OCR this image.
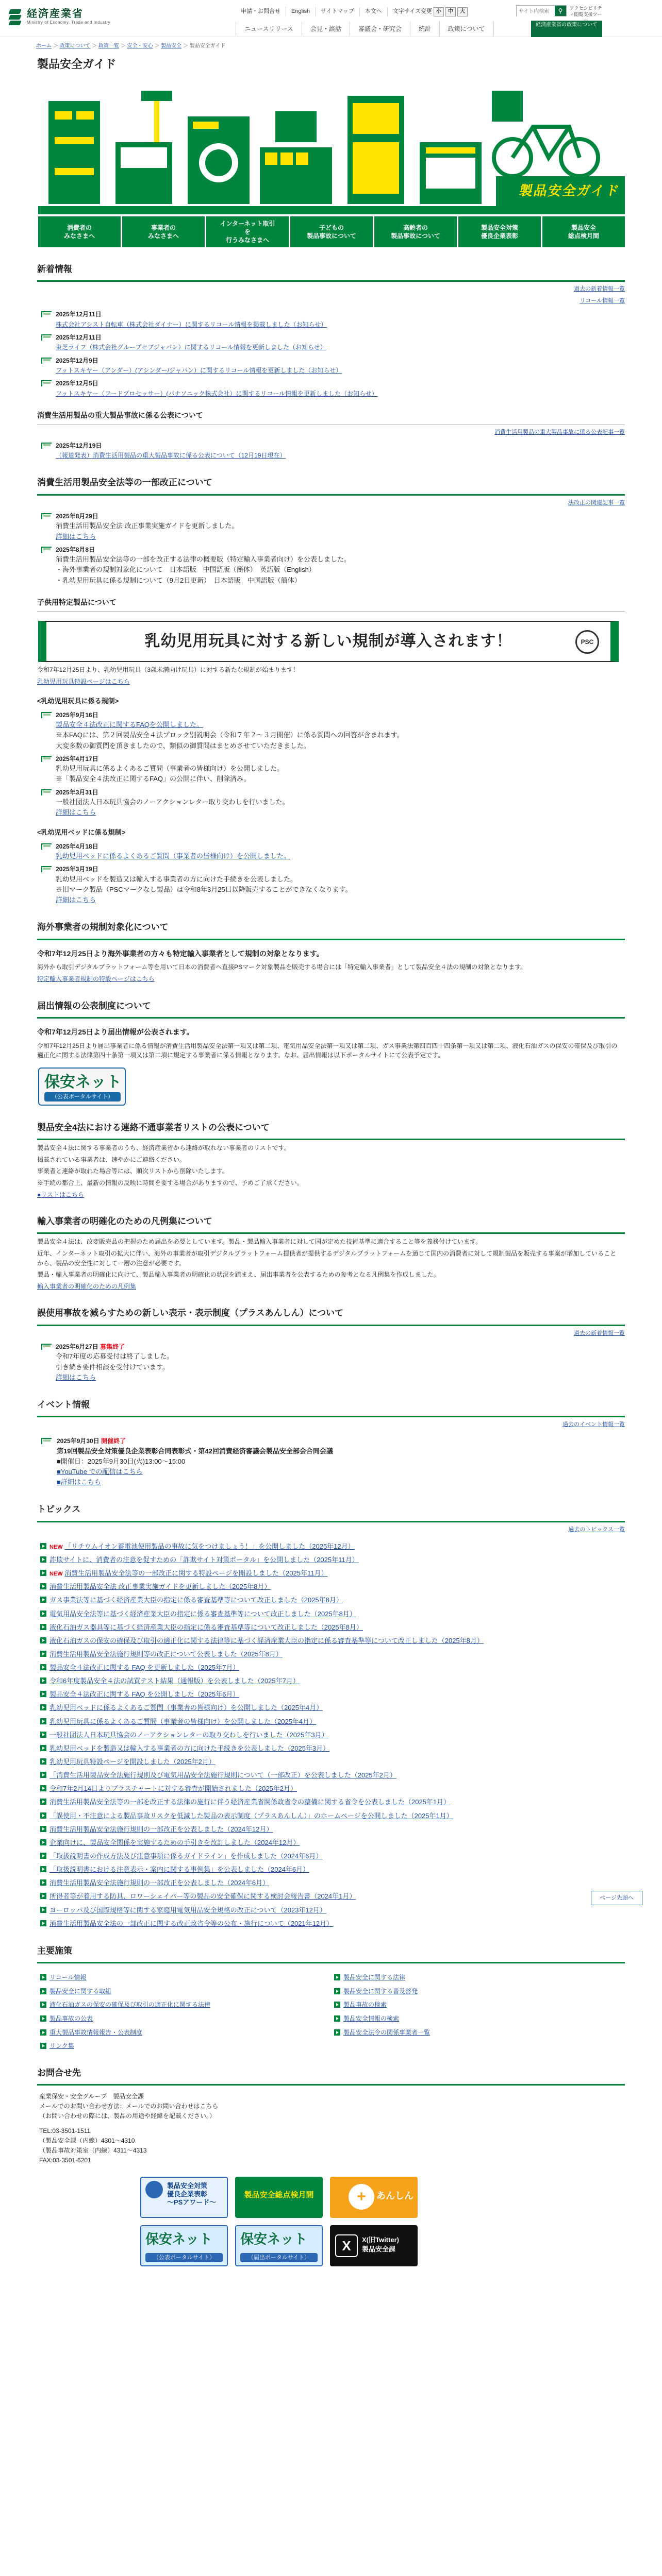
経済産業省
Ministry of Economy, Trade and Industry
申請・お問合せ	English	サイトマップ	本文へ	文字サイズ変更 小	中	大
サイト内検索	⚲	アクセシビリティ閲覧支援ツー
ニュースリリース	会見・談話	審議会・研究会	統計	政策について
経済産業省の政策について
ホーム ＞ 政策について ＞ 政策一覧 ＞ 安全・安心 ＞ 製品安全 ＞ 製品安全ガイド
製品安全ガイド
製品安全ガイド
消費者の
みなさまへ
事業者の
みなさまへ
インターネット取引
を
行うみなさまへ
子どもの
製品事故について
高齢者の
製品事故について
製品安全対策
優良企業表彰
製品安全
総点検月間
新着情報
過去の新着情報一覧
リコール情報一覧
2025年12月11日
株式会社アシスト自転車（株式会社ダイナー）に関するリコール情報を掲載しました（お知らせ）
2025年12月11日
東芝ライフ（株式会社グループセブジャパン）に関するリコール情報を更新しました（お知らせ）
2025年12月9日
フットスキヤー（アンダー）(アシンダー/ジャパン）に関するリコール情報を更新しました（お知らせ）
2025年12月5日
フットスキヤー（フードプロセッサー）(パナソニック株式会社）に関するリコール情報を更新しました（お知らせ）
消費生活用製品の重大製品事故に係る公表について
消費生活用製品の重大製品事故に係る公表記事一覧
2025年12月19日
（報道発表）消費生活用製品の重大製品事故に係る公表について（12月19日現在）
消費生活用製品安全法等の一部改正について
法改正の関連記事一覧
2025年8月29日
消費生活用製品安全法 改正事業実施ガイドを更新しました。
詳細はこちら
2025年8月8日
消費生活用製品安全法等の一部を改正する法律の概要版（特定輸入事業者向け）を公表しました。
・海外事業者の規制対象化について　日本語版　中国語版（簡体）　英語版（English）
・乳幼児用玩具に係る規制について（9月2日更新）　日本語版　中国語版（簡体）
子供用特定製品について
乳幼児用玩具に対する新しい規制が導入されます！	PSC

令和7年12月25日より、乳幼児用玩具（3歳未満向け玩具）に対する新たな規制が始まります！

乳幼児用玩具特設ページはこちら

<乳幼児用玩具に係る規制>
2025年9月16日
製品安全４法改正に関するFAQを公開しました。
※本FAQには、第２回製品安全４法プロック別説明会（令和７年２～３月開催）に係る質問への回答が含まれます。
大変多数の御質問を頂きましたので、類似の御質問はまとめさせていただきました。
2025年4月17日
乳幼児用玩具に係るよくあるご質問（事業者の皆様向け）を公開しました。
※「製品安全４法改正に関するFAQ」の公開に伴い、削除済み。
2025年3月31日
一般社団法人日本玩具協会のノーアクションレター取り交わしを行いました。
詳細はこちら
<乳幼児用ベッドに係る規制>
2025年4月18日
乳幼児用ベッドに係るよくあるご質問（事業者の皆様向け）を公開しました。
2025年3月19日
乳幼児用ベッドを製造又は輸入する事業者の方に向けた手続きを公表しました。
※旧マーク製品（PSCマークなし製品）は令和8年3月25日以降販売することができなくなります。
詳細はこちら
海外事業者の規制対象化について
令和7年12月25日より海外事業者の方々も特定輸入事業者として規制の対象となります。

海外から取引デジタルプラットフォーム等を用いて日本の消費者へ直接PSマーク対象製品を販売する場合には「特定輸入事業者」として製品安全４法の規制の対象となります。

特定輸入事業者規制の特設ページはこちら

届出情報の公表制度について
令和7年12月25日より届出情報が公表されます。

令和7年12月25日より届出事業者に係る情報が消費生活用製品安全法第一項又は第二項、電気用品安全法第一項又は第二項、ガス事業法第四百四十四条第一項又は第二項、液化石油ガスの保安の確保及び取引の適正化に関する法律第四十条第一項又は第二項に規定する事業者に係る情報となります。なお、届出情報は以下ポータルサイトにて公表予定です。

保安ネット
（公表ポータルサイト）
製品安全4法における連絡不通事業者リストの公表について

製品安全４法に関する事業者のうち、経済産業省から連絡が取れない事業者のリストです。

掲載されている事業者は、速やかにご連絡ください。

事業者と連絡が取れた場合等には、順次リストから削除いたします。

※手続の都合上、最新の情報の反映に時間を要する場合がありますので、予めご了承ください。

●リストはこちら

輸入事業者の明確化のための凡例集について

製品安全４法は、改変販売品の把握のため届出を必要としています。製品・製品輸入事業者に対して国が定めた技術基準に適合すること等を義務付けています。

近年、インターネット取引の拡大に伴い、海外の事業者が取引デジタルプラットフォーム提供者が提供するデジタルプラットフォームを通じて国内の消費者に対して規制製品を販売する事案が増加していることから、製品の安全性に対して一層の注意が必要です。

製品・輸入事業者の明確化に向けて、製品輸入事業者の明確化の状況を踏まえ、届出事業者を公表するための参考となる凡例集を作成しました。

輸入事業者の明確化のための凡例集

誤使用事故を減らすための新しい表示・表示制度（プラスあんしん）について
過去の新着情報一覧
2025年6月27日 募集終了
令和7年度の応募受付は終了しました。
引き続き要件相談を受付けています。
詳細はこちら
イベント情報
過去のイベント情報一覧
2025年9月30日 開催終了
第19回製品安全対策優良企業表彰合同表彰式・第42回消費経済審議会製品安全部会合同会議
■開催日：2025年9月30日(火)13:00～15:00
■YouTube での配信はこちら
■詳細はこちら
トピックス
過去のトピックス一覧
NEW 「リチウムイオン蓄電池使用製品の事故に気をつけましょう！」を公開しました（2025年12月）
詐欺サイトに、消費者の注意を促すための「詐欺サイト対策ポータル」を公開しました（2025年11月）
NEW 消費生活用製品安全法等の一部改正に関する特設ページを開設しました（2025年11月）
消費生活用製品安全法 改正事業実施ガイドを更新しました（2025年8月）
ガス事業法等に基づく経済産業大臣の指定に係る審査基準等について改正しました（2025年8月）
電気用品安全法等に基づく経済産業大臣の指定に係る審査基準等について改正しました（2025年8月）
液化石油ガス器具等に基づく経済産業大臣の指定に係る審査基準等について改正しました（2025年8月）
液化石油ガスの保安の確保及び取引の適正化に関する法律等に基づく経済産業大臣の指定に係る審査基準等について改正しました（2025年8月）
消費生活用製品安全法施行規則等の改正について公表しました（2025年8月）
製品安全４法改正に関する FAQ を更新しました（2025年7月）
令和6年度製品安全４法の試買テスト結果（通報版）を公表しました（2025年7月）
製品安全４法改正に関する FAQ を公開しました（2025年6月）
乳幼児用ベッドに係るよくあるご質問（事業者の皆様向け）を公開しました（2025年4月）
乳幼児用玩具に係るよくあるご質問（事業者の皆様向け）を公開しました（2025年4月）
一般社団法人日本玩具協会のノーアクションレターの取り交わしを行いました（2025年3月）
乳幼児用ベッドを製造又は輸入する事業者の方に向けた手続きを公表しました（2025年3月）
乳幼児用玩具特設ページを開設しました（2025年2月）
「消費生活用製品安全法施行規則及び電気用品安全法施行規則について（一部改正）を公表しました（2025年2月）
令和7年2月14日よりブラスチャートに対する審査が開始されました（2025年2月）
消費生活用製品安全法等の一部を改正する法律の施行に伴う経済産業省関係政省令の整備に関する省令を公表しました（2025年1月）
「誤使用・不注意による製品事故リスクを低減した製品の表示制度（プラスあんしん）」のホームページを公開しました（2025年1月）
消費生活用製品安全法施行規則の一部改正を公表しました（2024年12月）
企業向けに、製品安全関係を実施するための手引きを改訂しました（2024年12月）
「取扱説明書の作成方法及び注意事項に係るガイドライン」を作成しました（2024年6月）
「取扱説明書における注意表示・案内に関する事例集」を公表しました（2024年6月）
消費生活用製品安全法施行規則の一部改正を公表しました（2024年6月）
所得者等が着用する防具、ロワーシェイバー等の製品の安全確保に関する検討会報告書（2024年1月）
ヨーロッパ及び国際規格等に関する家庭用電気用品安全規格の改正について（2023年12月）
消費生活用製品安全法の一部改正に関する改正政省令等の公布・施行について（2021年12月）
主要施策
リコール情報	製品安全に関する法律
製品安全に関する取組	製品安全に関する普及啓発
液化石油ガスの保安の確保及び取引の適正化に関する法律	製品事故の検索
製品事故の公表	製品安全情報の検索
重大製品事故情報報告・公表制度	製品安全法令の関係事業者一覧
リンク集
お問合せ先
産業保安・安全グループ　製品安全課
メールでのお問い合わせ方法：メールでのお問い合わせはこちら
（お問い合わせの際には、製品の用途や経緯を記載ください。）
TEL:03-3501-1511
（製品安全課（内線）4301〜4310
（製品事故対策室（内線）4311〜4313
FAX:03-3501-6201
製品安全対策
優良企業表彰
～PSアワード～
製品安全総点検月間	+	あんしん
保安ネット
（公表ポータルサイト）
保安ネット
（届出ポータルサイト）
X	X(旧Twitter)
製品安全課
ページ先頭へ
